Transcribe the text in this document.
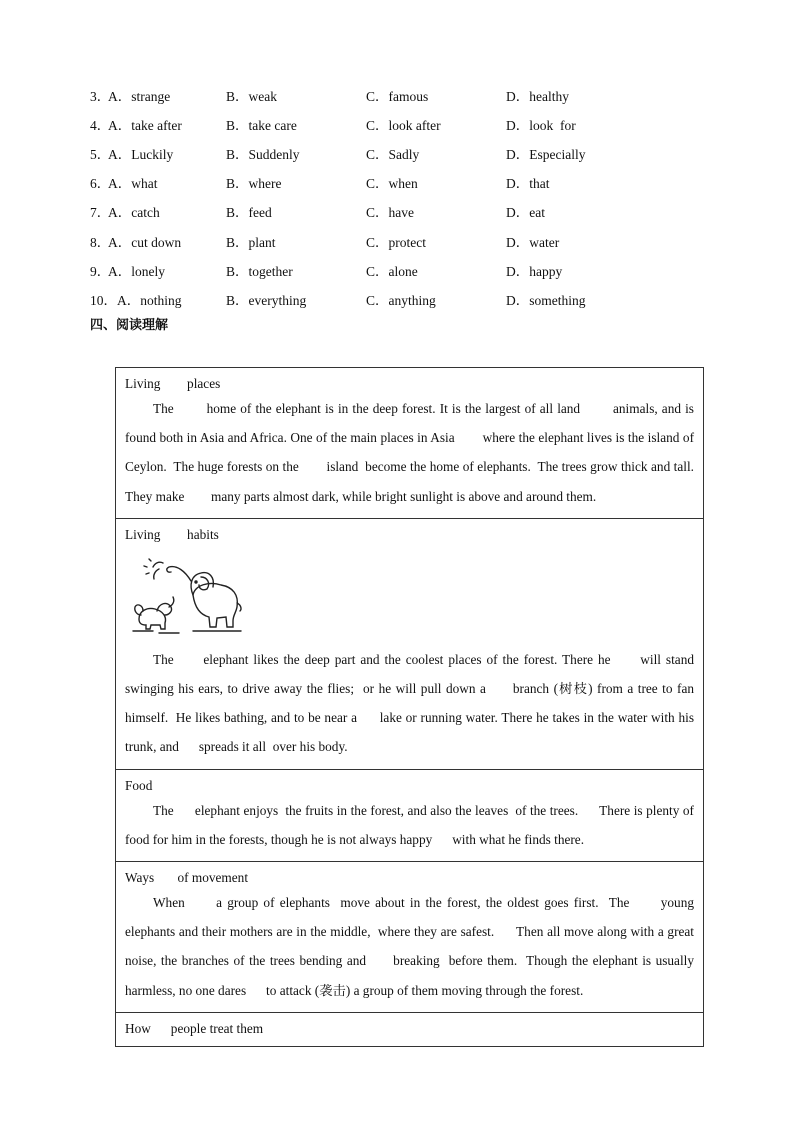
3．
A．strange	B．weak	C．famous	D．healthy
4．
A．take after	B．take care	C．look after	D．look  for
5．
A．Luckily	B．Suddenly	C．Sadly	D．Especially
6．
A．what	B．where	C．when	D．that
7．
A．catch	B．feed	C．have	D．eat
8．
A．cut down	B．plant	C．protect	D．water
9．
A．lonely	B．together	C．alone	D．happy
10． A．nothing	B．everything	C．anything	D．something
四、阅读理解
Living        places
The        home of the elephant is in the deep forest. It is the largest of all land        animals, and is found both in Asia and Africa. One of the main places in Asia        where the elephant lives is the island of Ceylon.  The huge forests on the        island  become the home of elephants.  The trees grow thick and tall.  They make        many parts almost dark, while bright sunlight is above and around them.

Living        habits
The      elephant likes the deep part and the coolest places of the forest. There he      will stand swinging his ears, to drive away the flies;  or he will pull down a      branch (树枝) from a tree to fan himself.  He likes bathing, and to be near a      lake or running water. There he takes in the water with his trunk, and      spreads it all  over his body.

Food
The      elephant enjoys  the fruits in the forest, and also the leaves  of the trees.      There is plenty of food for him in the forests, though he is not always happy      with what he finds there.

Ways       of movement
When      a group of elephants  move about in the forest, the oldest goes first.  The      young elephants and their mothers are in the middle,  where they are safest.      Then all move along with a great noise, the branches of the trees bending and      breaking  before them.  Though the elephant is usually harmless, no one dares      to attack (袭击) a group of them moving through the forest.

How      people treat them
